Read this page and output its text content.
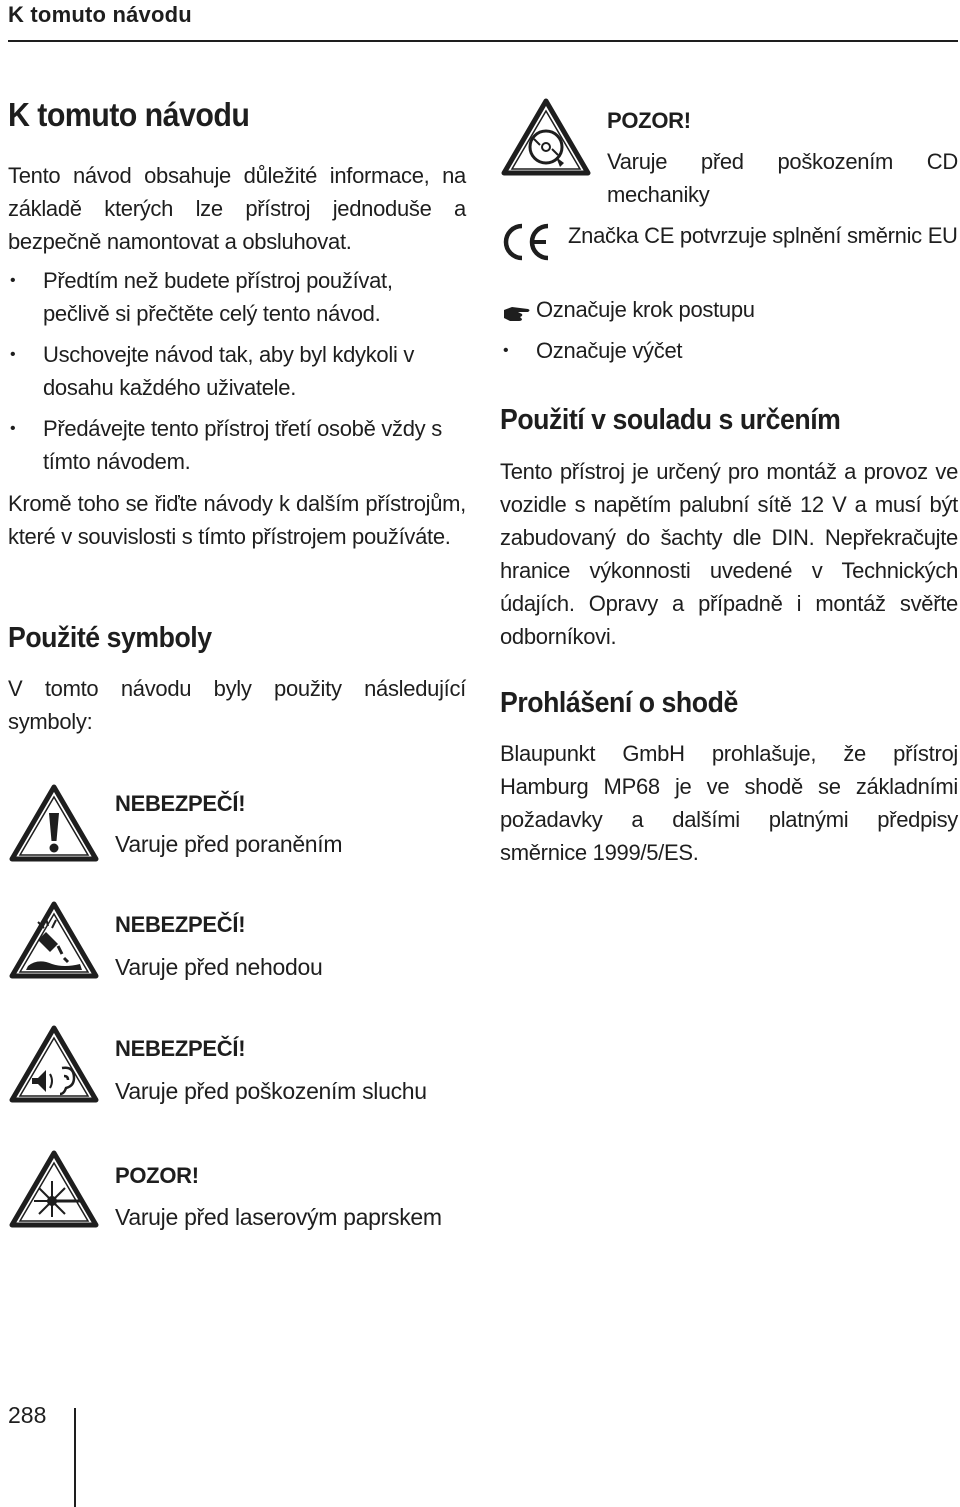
K tomuto návodu
K tomuto návodu

Tento návod obsahuje důležité informace, na základě kterých lze přístroj jednoduše a bezpečně namontovat a obsluhovat.

• Předtím než budete přístroj používat, pečlivě si přečtěte celý tento návod.
• Uschovejte návod tak, aby byl kdykoli v dosahu každého uživatele.
• Předávejte tento přístroj třetí osobě vždy s tímto návodem.

Kromě toho se řiďte návody k dalším přístrojům, které v souvislosti s tímto přístrojem používáte.

Použité symboly

V tomto návodu byly použity následující symboly:

NEBEZPEČÍ!
Varuje před poraněním
NEBEZPEČÍ!
Varuje před nehodou
NEBEZPEČÍ!
Varuje před poškozením sluchu
POZOR!
Varuje před laserovým paprskem
POZOR!
Varuje před poškozením CD mechaniky
Značka CE potvrzuje splnění směrnic EU
Označuje krok postupu
• Označuje výčet
Použití v souladu s určením

Tento přístroj je určený pro montáž a provoz ve vozidle s napětím palubní sítě 12 V a musí být zabudovaný do šachty dle DIN. Nepřekračujte hranice výkonnosti uvedené v Technických údajích. Opravy a případně i montáž svěřte odborníkovi.

Prohlášení o shodě

Blaupunkt GmbH prohlašuje, že přístroj Hamburg MP68 je ve shodě se základními požadavky a dalšími platnými předpisy směrnice 1999/5/ES.

288
